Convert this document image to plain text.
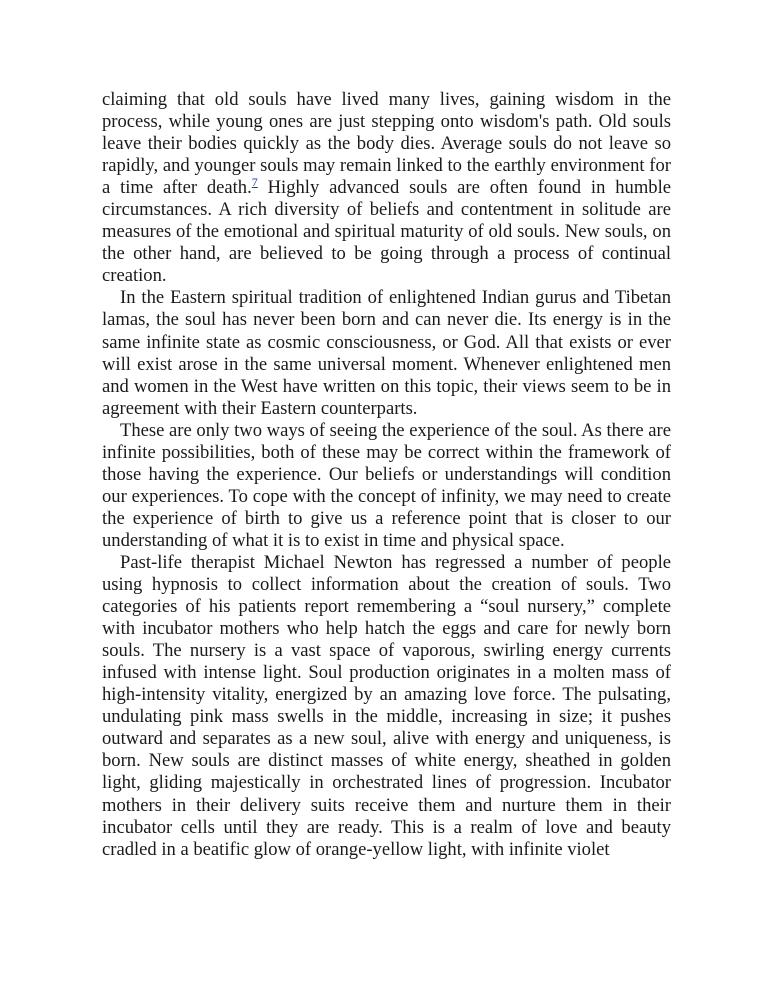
claiming that old souls have lived many lives, gaining wisdom in the process, while young ones are just stepping onto wisdom's path. Old souls leave their bodies quickly as the body dies. Average souls do not leave so rapidly, and younger souls may remain linked to the earthly environment for a time after death.$^7$ Highly advanced souls are often found in humble circumstances. A rich diversity of beliefs and contentment in solitude are measures of the emotional and spiritual maturity of old souls. New souls, on the other hand, are believed to be going through a process of continual creation.

In the Eastern spiritual tradition of enlightened Indian gurus and Tibetan lamas, the soul has never been born and can never die. Its energy is in the same infinite state as cosmic consciousness, or God. All that exists or ever will exist arose in the same universal moment. Whenever enlightened men and women in the West have written on this topic, their views seem to be in agreement with their Eastern counterparts.

These are only two ways of seeing the experience of the soul. As there are infinite possibilities, both of these may be correct within the framework of those having the experience. Our beliefs or understandings will condition our experiences. To cope with the concept of infinity, we may need to create the experience of birth to give us a reference point that is closer to our understanding of what it is to exist in time and physical space.

Past-life therapist Michael Newton has regressed a number of people using hypnosis to collect information about the creation of souls. Two categories of his patients report remembering a “soul nursery,” complete with incubator mothers who help hatch the eggs and care for newly born souls. The nursery is a vast space of vaporous, swirling energy currents infused with intense light. Soul production originates in a molten mass of high-intensity vitality, energized by an amazing love force. The pulsating, undulating pink mass swells in the middle, increasing in size; it pushes outward and separates as a new soul, alive with energy and uniqueness, is born. New souls are distinct masses of white energy, sheathed in golden light, gliding majestically in orchestrated lines of progression. Incubator mothers in their delivery suits receive them and nurture them in their incubator cells until they are ready. This is a realm of love and beauty cradled in a beatific glow of orange-yellow light, with infinite violet
